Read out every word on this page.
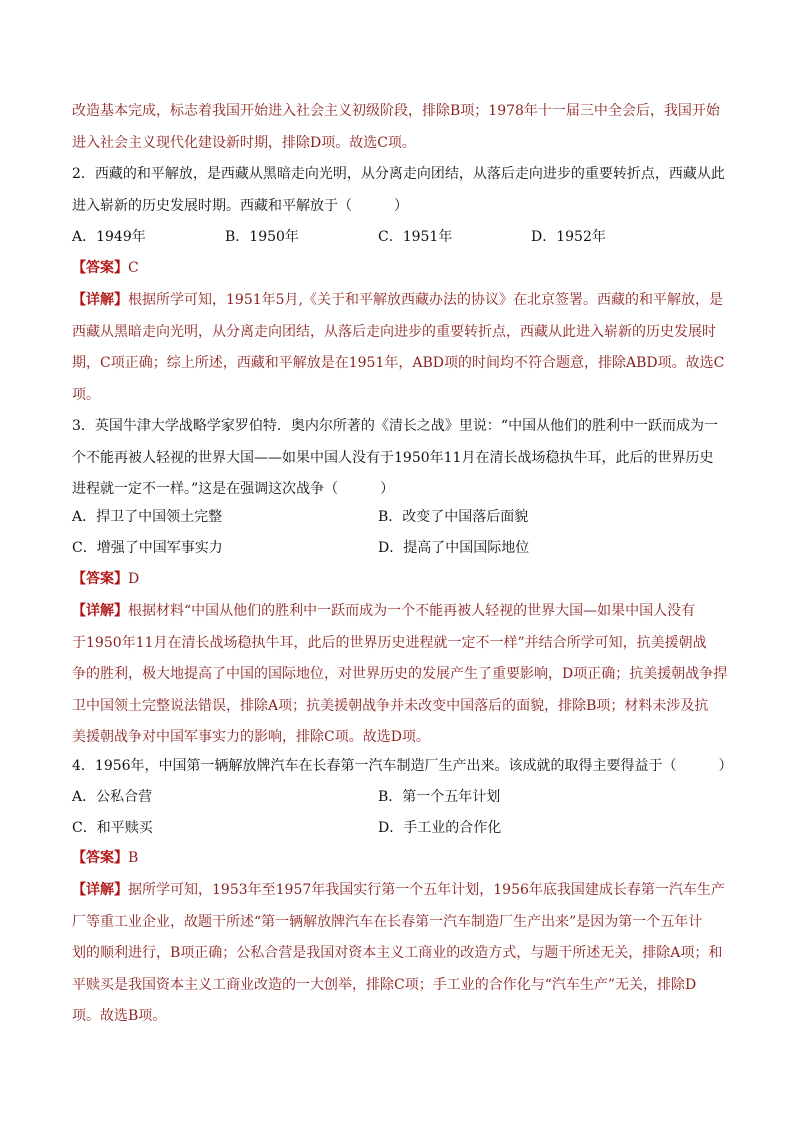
改造基本完成，标志着我国开始进入社会主义初级阶段，排除B项；1978年十一届三中全会后，我国开始
进入社会主义现代化建设新时期，排除D项。故选C项。
2．西藏的和平解放，是西藏从黑暗走向光明，从分离走向团结，从落后走向进步的重要转折点，西藏从此
进入崭新的历史发展时期。西藏和平解放于（　　　）
A．1949年	B．1950年	C．1951年	D．1952年
【答案】C
【详解】根据所学可知，1951年5月,《关于和平解放西藏办法的协议》在北京签署。西藏的和平解放，是
西藏从黑暗走向光明，从分离走向团结，从落后走向进步的重要转折点，西藏从此进入崭新的历史发展时
期，C项正确；综上所述，西藏和平解放是在1951年，ABD项的时间均不符合题意，排除ABD项。故选C
项。
3．英国牛津大学战略学家罗伯特．奥内尔所著的《清长之战》里说：“中国从他们的胜利中一跃而成为一
个不能再被人轻视的世界大国——如果中国人没有于1950年11月在清长战场稳执牛耳，此后的世界历史
进程就一定不一样。”这是在强调这次战争（　　　）
A．捍卫了中国领土完整	B．改变了中国落后面貌
C．增强了中国军事实力	D．提高了中国国际地位
【答案】D
【详解】根据材料“中国从他们的胜利中一跃而成为一个不能再被人轻视的世界大国—如果中国人没有
于1950年11月在清长战场稳执牛耳，此后的世界历史进程就一定不一样”并结合所学可知，抗美援朝战
争的胜利，极大地提高了中国的国际地位，对世界历史的发展产生了重要影响，D项正确；抗美援朝战争捍
卫中国领土完整说法错误，排除A项；抗美援朝战争并未改变中国落后的面貌，排除B项；材料未涉及抗
美援朝战争对中国军事实力的影响，排除C项。故选D项。
4．1956年，中国第一辆解放牌汽车在长春第一汽车制造厂生产出来。该成就的取得主要得益于（　　　）
A．公私合营	B．第一个五年计划
C．和平赎买	D．手工业的合作化
【答案】B
【详解】据所学可知，1953年至1957年我国实行第一个五年计划，1956年底我国建成长春第一汽车生产
厂等重工业企业，故题干所述“第一辆解放牌汽车在长春第一汽车制造厂生产出来”是因为第一个五年计
划的顺利进行，B项正确；公私合营是我国对资本主义工商业的改造方式，与题干所述无关，排除A项；和
平赎买是我国资本主义工商业改造的一大创举，排除C项；手工业的合作化与“汽车生产”无关，排除D
项。故选B项。
